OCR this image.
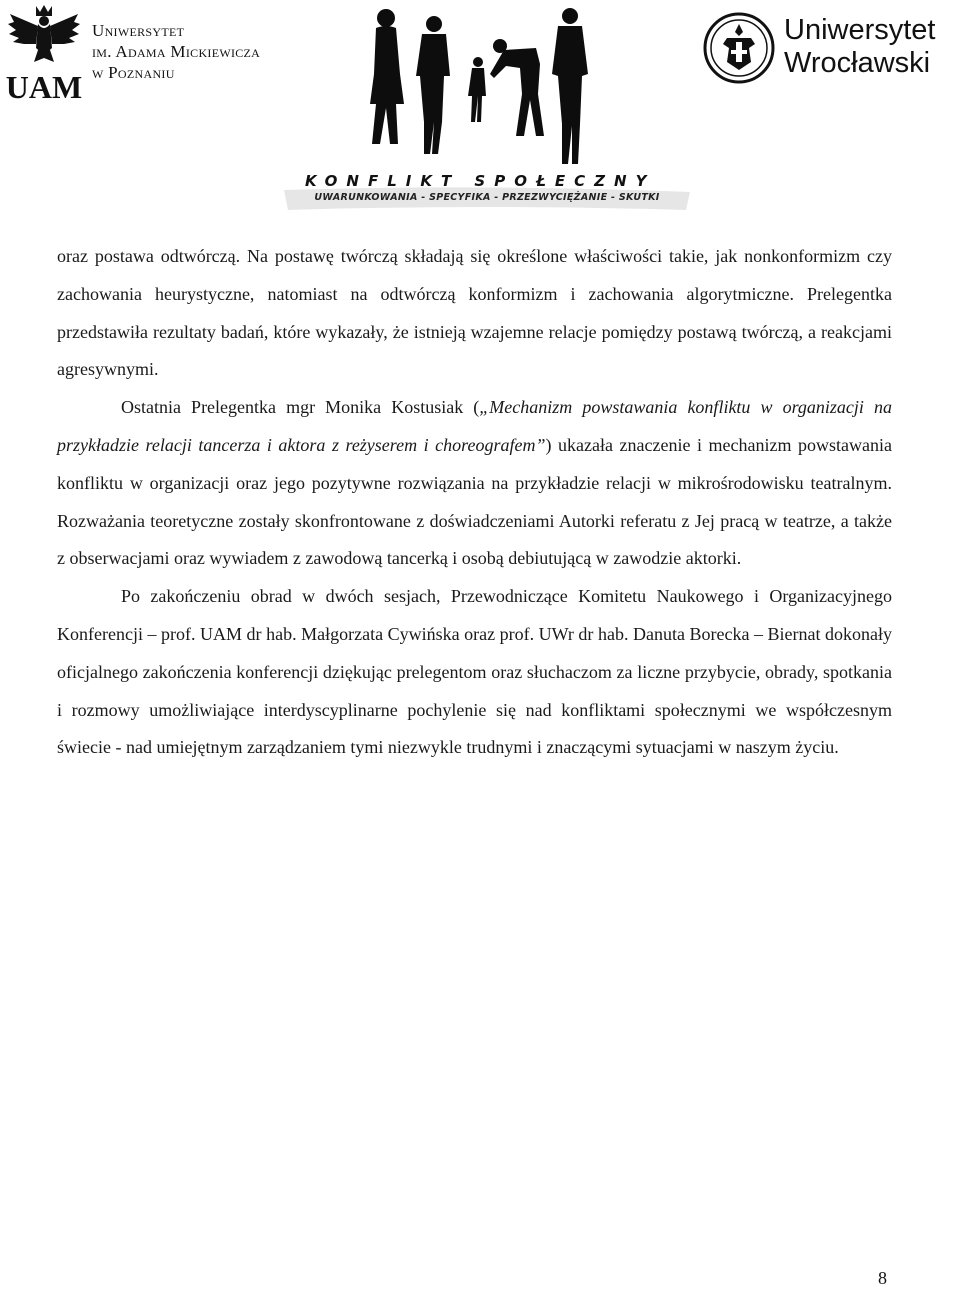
UAM
Uniwersytet
im. Adama Mickiewicza
w Poznaniu
KONFLIKT SPOŁECZNY
UWARUNKOWANIA - SPECYFIKA - PRZEZWYCIĘŻANIE - SKUTKI
Uniwersytet
Wrocławski

oraz postawa odtwórczą. Na postawę twórczą składają się określone właściwości takie, jak nonkonformizm czy zachowania heurystyczne, natomiast na odtwórczą konformizm i zachowania algorytmiczne. Prelegentka przedstawiła rezultaty badań, które wykazały, że istnieją wzajemne relacje pomiędzy postawą twórczą, a reakcjami agresywnymi.

Ostatnia Prelegentka mgr Monika Kostusiak („Mechanizm powstawania konfliktu w organizacji na przykładzie relacji tancerza i aktora z reżyserem i choreografem”) ukazała znaczenie i mechanizm powstawania konfliktu w organizacji oraz jego pozytywne rozwiązania na przykładzie relacji w mikrośrodowisku teatralnym. Rozważania teoretyczne zostały skonfrontowane z doświadczeniami Autorki referatu z Jej pracą w teatrze, a także z obserwacjami oraz wywiadem z zawodową tancerką i osobą debiutującą w zawodzie aktorki.

Po zakończeniu obrad w dwóch sesjach, Przewodniczące Komitetu Naukowego i Organizacyjnego Konferencji – prof. UAM dr hab. Małgorzata Cywińska oraz prof. UWr dr hab. Danuta Borecka – Biernat dokonały oficjalnego zakończenia konferencji dziękując prelegentom oraz słuchaczom za liczne przybycie, obrady, spotkania i rozmowy umożliwiające interdyscyplinarne pochylenie się nad konfliktami społecznymi we współczesnym świecie - nad umiejętnym zarządzaniem tymi niezwykle trudnymi i znaczącymi sytuacjami w naszym życiu.

8
